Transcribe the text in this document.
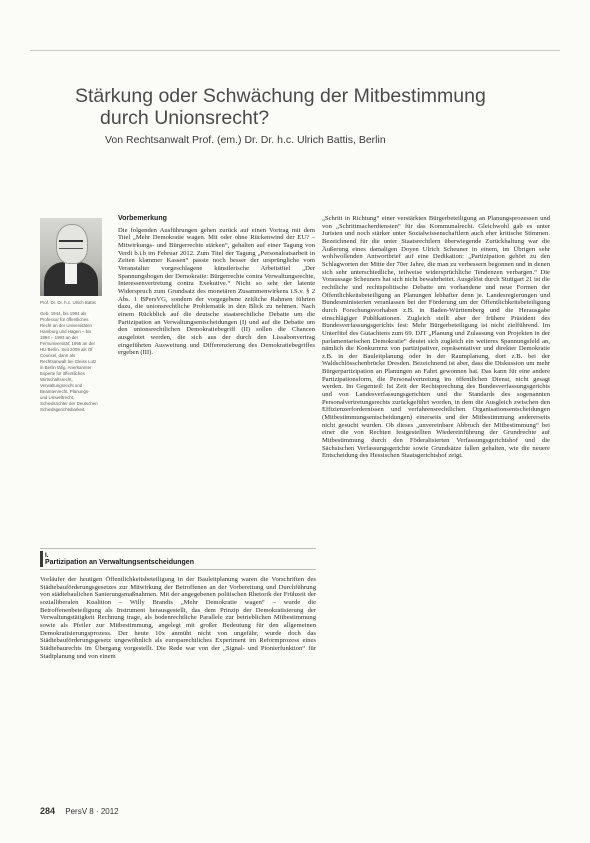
Stärkung oder Schwächung der Mitbestimmung
durch Unionsrecht?
Von Rechtsanwalt Prof. (em.) Dr. Dr. h.c. Ulrich Battis, Berlin

Prof. Dr. Dr. h.c. Ulrich Battis

Geb. 1944, bis 1994 als Professor für öffentliches Recht an der Universitäten Hamburg und Hagen – bis 1994 – 1993 an der Fernuniversität; 1995 an der HU Berlin. Seit 2009 als Of Counsel, dann als Rechtsanwalt bei Gleiss Lutz in Berlin tätig. Anerkannter Experte für öffentliches Wirtschaftsrecht, Verwaltungsrecht und Beamtenrecht, Planungs- und Umweltrecht, Schiedsrichter der Deutschen Schiedsgerichtsbarkeit.

Vorbemerkung

Die folgenden Ausführungen gehen zurück auf einen Vortrag mit dem Titel „Mehr Demokratie wagen. Mit oder ohne Rückenwind der EU? – Mitwirkungs- und Bürgerrechte stärken“, gehalten auf einer Tagung von Verdi b.i.b im Februar 2012. Zum Titel der Tagung „Personalratsarbeit in Zeiten klammer Kassen“ passte noch besser der ursprüngliche vom Veranstalter vorgeschlagene künstlerische Arbeitstitel „Der Spannungsbogen der Demokratie: Bürgerrechte contra Verwaltungsrechte, Interessenvertretung contra Exekutive.“ Nicht so sehr der latente Widerspruch zum Grundsatz des monetären Zusammenwirkens i.S.v. § 2 Abs. 1 BPersVG, sondern der vorgegebene zeitliche Rahmen führten dazu, die unionsrechtliche Problematik in den Blick zu nehmen. Nach einem Rückblick auf die deutsche staatsrechtliche Debatte um die Partizipation an Verwaltungsentscheidungen (I) und auf die Debatte um den unionsrechtlichen Demokratiebegriff (II) sollen die Chancen ausgelotet werden, die sich aus der durch den Lissabonvertrag eingeführten Ausweitung und Differenzierung des Demokratiebegriffes ergeben (III).

I.
Partizipation an Verwaltungsentscheidungen

Vorläufer der heutigen Öffentlichkeitsbeteiligung in der Bauleitplanung waren die Vorschriften des Städtebauförderungsgesetzes zur Mitwirkung der Betroffenen an der Vorbereitung und Durchführung von städtebaulichen Sanierungsmaßnahmen. Mit der angegebenen politischen Rhetorik der Frühzeit der sozialliberalen Koalition – Willy Brandts „Mehr Demokratie wagen“ – wurde die Betroffenenbeteiligung als Instrument herausgestellt, das dem Prinzip der Demokratisierung der Verwaltungstätigkeit Rechnung trage, als bodenrechtliche Parallele zur betrieblichen Mitbestimmung sowie als Pfeiler zur Mitbestimmung, angelegt mit großer Bedeutung für den allgemeinen Demokratisierungsprozess. Der heute 10x anmüht nicht von ungefähr, wurde doch das Städtebauförderungsgesetz ungewöhnlich als europarechtliches Experiment im Reformprozess eines Städtebaurechts im Übergang vorgestellt. Die Rede war von der „Signal- und Pionierfunktion“ für Stadtplanung und von einem

„Schritt in Richtung“ einer verstärkten Bürgerbeteiligung an Planungsprozessen und von „Schrittmacherdiensten“ für das Kommunalrecht. Gleichwohl gab es unter Juristen und noch stärker unter Sozialwissenschaftlern auch eher kritische Stimmen. Bezeichnend für die unter Staatsrechtlern überwiegende Zurückhaltung war die Äußerung eines damaligen Doyen Ulrich Scheuner in einem, im Übrigen sehr wohlwollenden Antwortbrief auf eine Dedikation: „Partizipation gehört zu den Schlagworten der Mitte der 70er Jahre, die man zu verbessern begonnen und in denen sich sehr unterschiedliche, teilweise widersprüchliche Tendenzen verbargen.“ Die Voraussage Scheuners hat sich nicht bewahrheitet. Ausgelöst durch Stuttgart 21 ist die rechtliche und rechtspolitische Debatte um vorhandene und neue Formen der Öffentlichkeitsbeteiligung an Planungen lebhafter denn je. Landesregierungen und Bundesministerien veranlassen bei der Förderung um der Öffentlichkeitsbeteiligung durch Forschungsvorhaben z.B. in Baden-Württemberg und die Herausgabe einschlägiger Publikationen. Zugleich stellt aber der frühere Präsident des Bundesverfassungsgerichts fest: Mehr Bürgerbeteiligung ist nicht zielführend. Im Unterfitel des Gutachtens zum 69. DJT „Planung und Zulassung von Projekten in der parlamentarischen Demokratie“ deutet sich zugleich ein weiteres Spannungsfeld an, nämlich die Konkurrenz von partizipativer, repräsentativer und direkter Demokratie z.B. in der Bauleitplanung oder in der Raumplanung, dort z.B. bei der Waldschlösschenbrücke Dresden. Bezeichnend ist aber, dass die Diskussion um mehr Bürgerpartizipation an Planungen an Fahrt gewonnen hat. Das kann für eine andere Partizipationsform, die Personalvertretung im öffentlichen Dienst, nicht gesagt werden. Im Gegenteil: Ist Zeit der Rechtsprechung des Bundesverfassungsgerichts und von Landesverfassungsgerichten und die Standards des sogenannten Personalvertretungsrechts zurückgeführt worden, in dem die Ausgleich zwischen den Effizienzerfordernissen und verfahrensrechtlichen Organisationsentscheidungen (Mitbestimmungsentscheidungen) einerseits und der Mitbestimmung andererseits nicht gesucht wurden. Ob dieses „unvereinbare Abbruch der Mitbestimmung“ bei einer die von Rechten festgestellten Wiedereinführung der Grundrechte auf Mitbestimmung durch den Föderalisierten Verfassungsgerichtshof und die Sächsischen Verfassungsgerichte sowie Grundsätze fallen gehalten, wie die neuere Entscheidung des Hessischen Staatsgerichtshof zeigt.

284 PersV 8 · 2012
